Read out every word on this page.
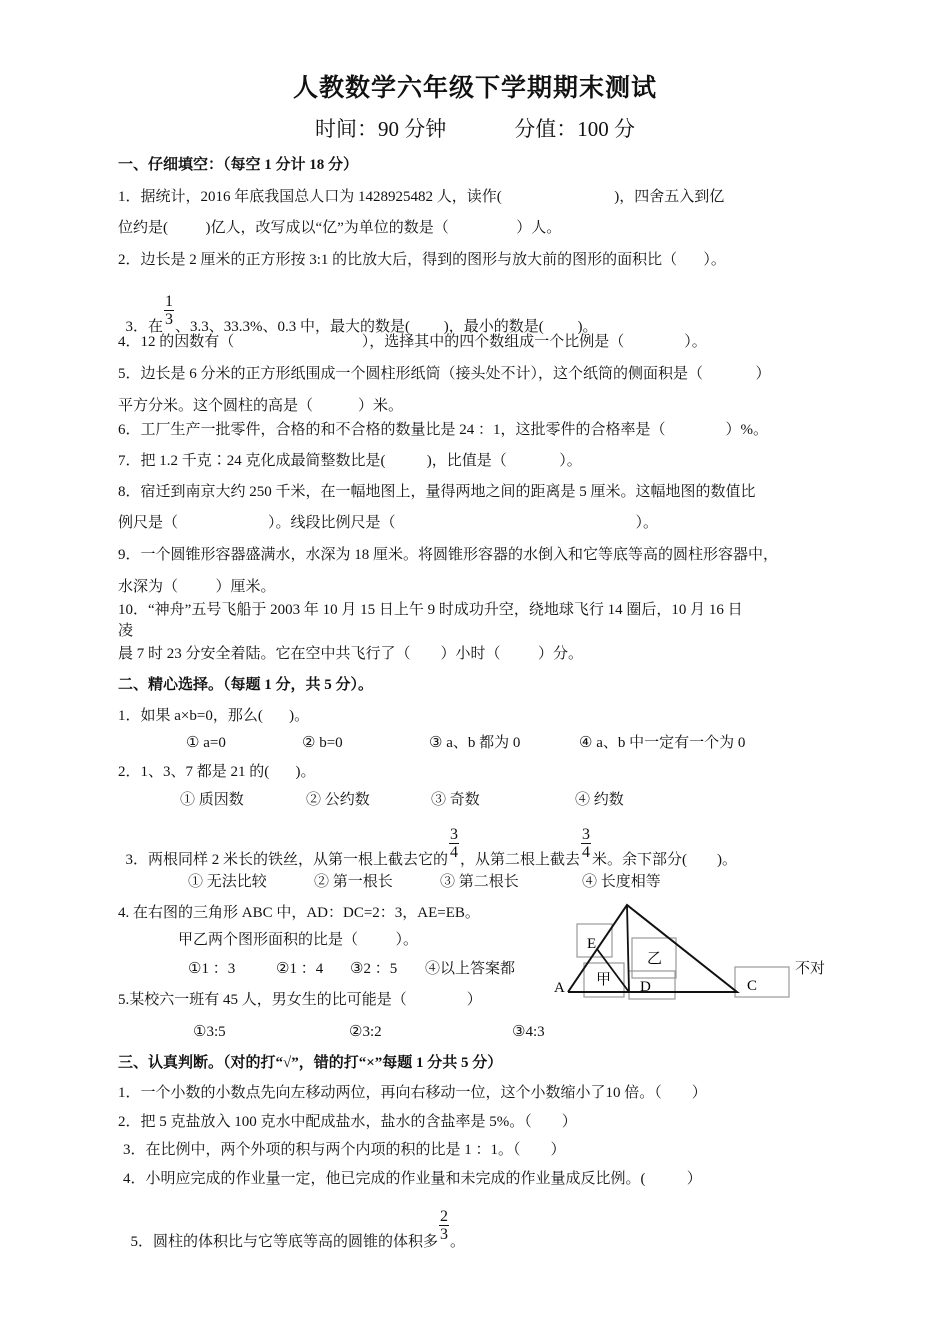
人教数学六年级下学期期末测试
时间：90 分钟	分值：100 分
一、仔细填空：（每空 1 分计 18 分）
1．据统计，2016 年底我国总人口为 1428925482 人，读作(                              )，四舍五入到亿
位约是(          )亿人，改写成以“亿”为单位的数是（                  ）人。
2．边长是 2 厘米的正方形按 3:1 的比放大后，得到的图形与放大前的图形的面积比（       ）。

3．在 $\frac{1}{3}$ 、3.3、33.3%、0.3 中，最大的数是(         )，最小的数是(         )。

4．12 的因数有（                                  ），选择其中的四个数组成一个比例是（                ）。
5．边长是 6 分米的正方形纸围成一个圆柱形纸筒（接头处不计），这个纸筒的侧面积是（              ）
平方分米。这个圆柱的高是（            ）米。
6．工厂生产一批零件，合格的和不合格的数量比是 24 ：1，这批零件的合格率是（                ）%。
7．把 1.2 千克∶24 克化成最简整数比是(           )，比值是（              ）。
8．宿迁到南京大约 250 千米，在一幅地图上，量得两地之间的距离是 5 厘米。这幅地图的数值比
例尺是（                        ）。线段比例尺是（                                                                ）。
9．一个圆锥形容器盛满水，水深为 18 厘米。将圆锥形容器的水倒入和它等底等高的圆柱形容器中，
水深为（          ）厘米。
10．“神舟”五号飞船于 2003 年 10 月 15 日上午 9 时成功升空，绕地球飞行 14 圈后，10 月 16 日
凌
晨 7 时 23 分安全着陆。它在空中共飞行了（        ）小时（          ）分。
二、精心选择。（每题 1 分，共 5 分）。
1．如果 a×b=0，那么(       )。
① a=0	② b=0	③ a、b 都为 0	④ a、b 中一定有一个为 0
2．1、3、7 都是 21 的(       )。
① 质因数	② 公约数	③ 奇数	④ 约数

3．两根同样 2 米长的铁丝，从第一根上截去它的 $\frac{3}{4}$ ，从第二根上截去 $\frac{3}{4}$ 米。余下部分(        )。

① 无法比较	② 第一根长	③ 第二根长	④ 长度相等
4. 在右图的三角形 ABC 中，AD：DC=2：3，AE=EB。
甲乙两个图形面积的比是（          ）。
①1 ：3	②1 ：4 ③2 ：5 ④以上答案都	不对
5.某校六一班有 45 人，男女生的比可能是（                ）
①3:5	②3:2	③4:3
A
E
甲
乙
D	C
三、认真判断。（对的打“√”，错的打“×”每题 1 分共 5 分）
1．一个小数的小数点先向左移动两位，再向右移动一位，这个小数缩小了10 倍。（        ）
2．把 5 克盐放入 100 克水中配成盐水，盐水的含盐率是 5%。（        ）
3．在比例中，两个外项的积与两个内项的积的比是 1 ：1。（        ）
4．小明应完成的作业量一定，他已完成的作业量和未完成的作业量成反比例。(           ）

5．圆柱的体积比与它等底等高的圆锥的体积多 $\frac{2}{3}$ 。
